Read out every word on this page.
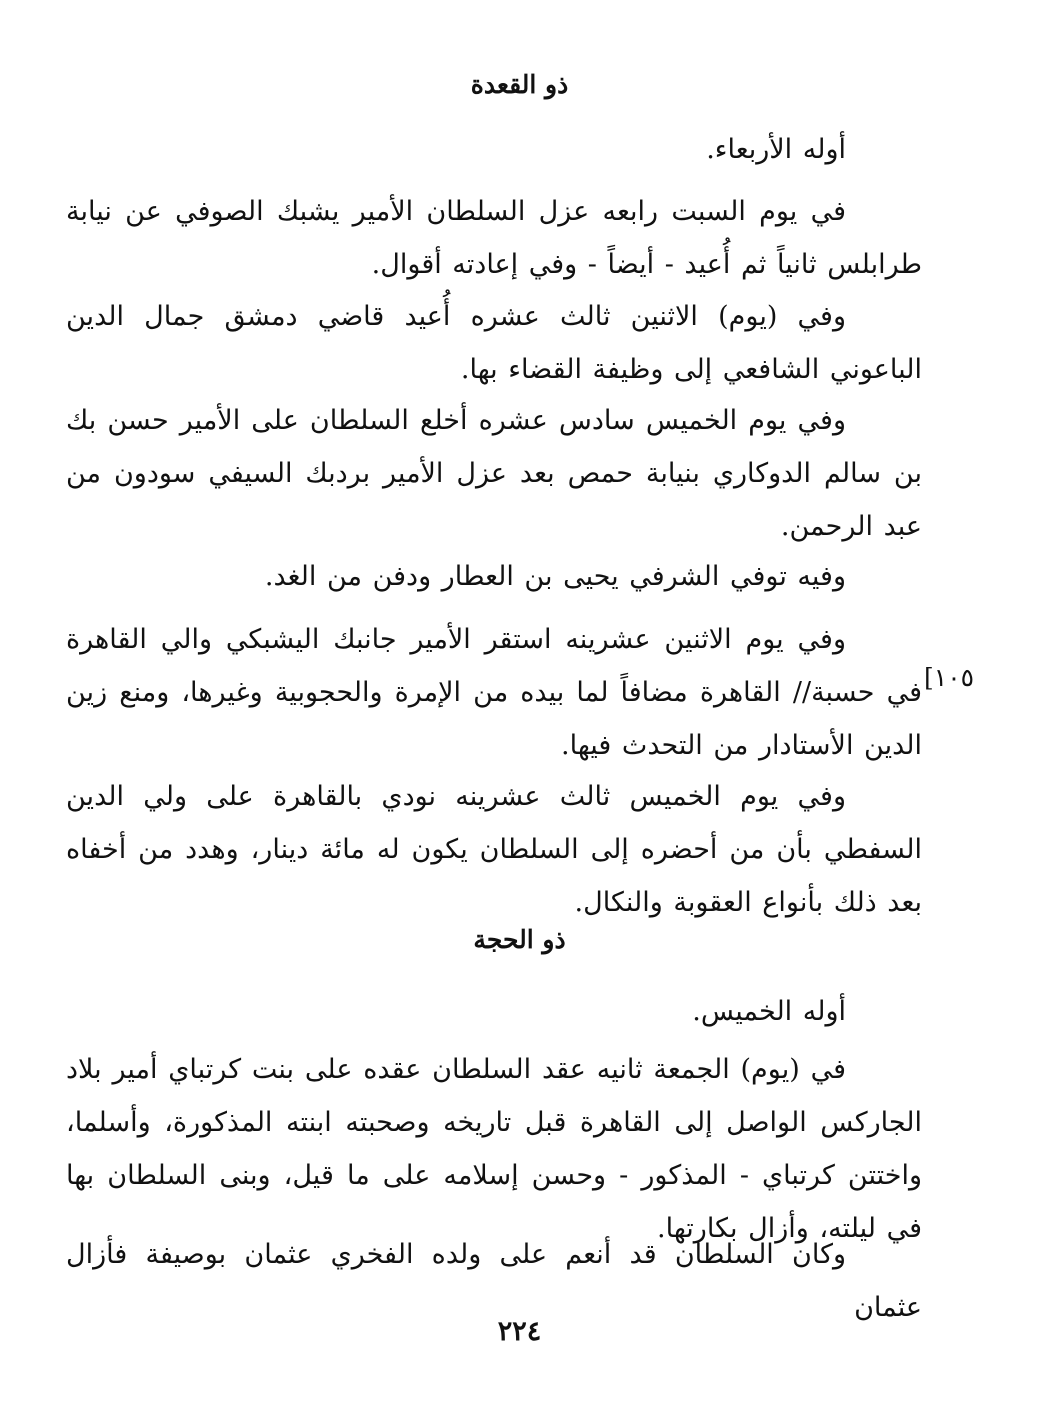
ذو القعدة

أوله الأربعاء.

في يوم السبت رابعه عزل السلطان الأمير يشبك الصوفي عن نيابة طرابلس ثانياً ثم أُعيد - أيضاً - وفي إعادته أقوال.

وفي (يوم) الاثنين ثالث عشره أُعيد قاضي دمشق جمال الدين الباعوني الشافعي إلى وظيفة القضاء بها.

وفي يوم الخميس سادس عشره أخلع السلطان على الأمير حسن بك بن سالم الدوكاري بنيابة حمص بعد عزل الأمير بردبك السيفي سودون من عبد الرحمن.

وفيه توفي الشرفي يحيى بن العطار ودفن من الغد.

وفي يوم الاثنين عشرينه استقر الأمير جانبك اليشبكي والي القاهرة في حسبة// القاهرة مضافاً لما بيده من الإمرة والحجوبية وغيرها، ومنع زين الدين الأستادار من التحدث فيها.

[١٠٥

وفي يوم الخميس ثالث عشرينه نودي بالقاهرة على ولي الدين السفطي بأن من أحضره إلى السلطان يكون له مائة دينار، وهدد من أخفاه بعد ذلك بأنواع العقوبة والنكال.

ذو الحجة

أوله الخميس.

في (يوم) الجمعة ثانيه عقد السلطان عقده على بنت كرتباي أمير بلاد الجاركس الواصل إلى القاهرة قبل تاريخه وصحبته ابنته المذكورة، وأسلما، واختتن كرتباي - المذكور - وحسن إسلامه على ما قيل، وبنى السلطان بها في ليلته، وأزال بكارتها.

وكان السلطان قد أنعم على ولده الفخري عثمان بوصيفة فأزال عثمان

٢٢٤
